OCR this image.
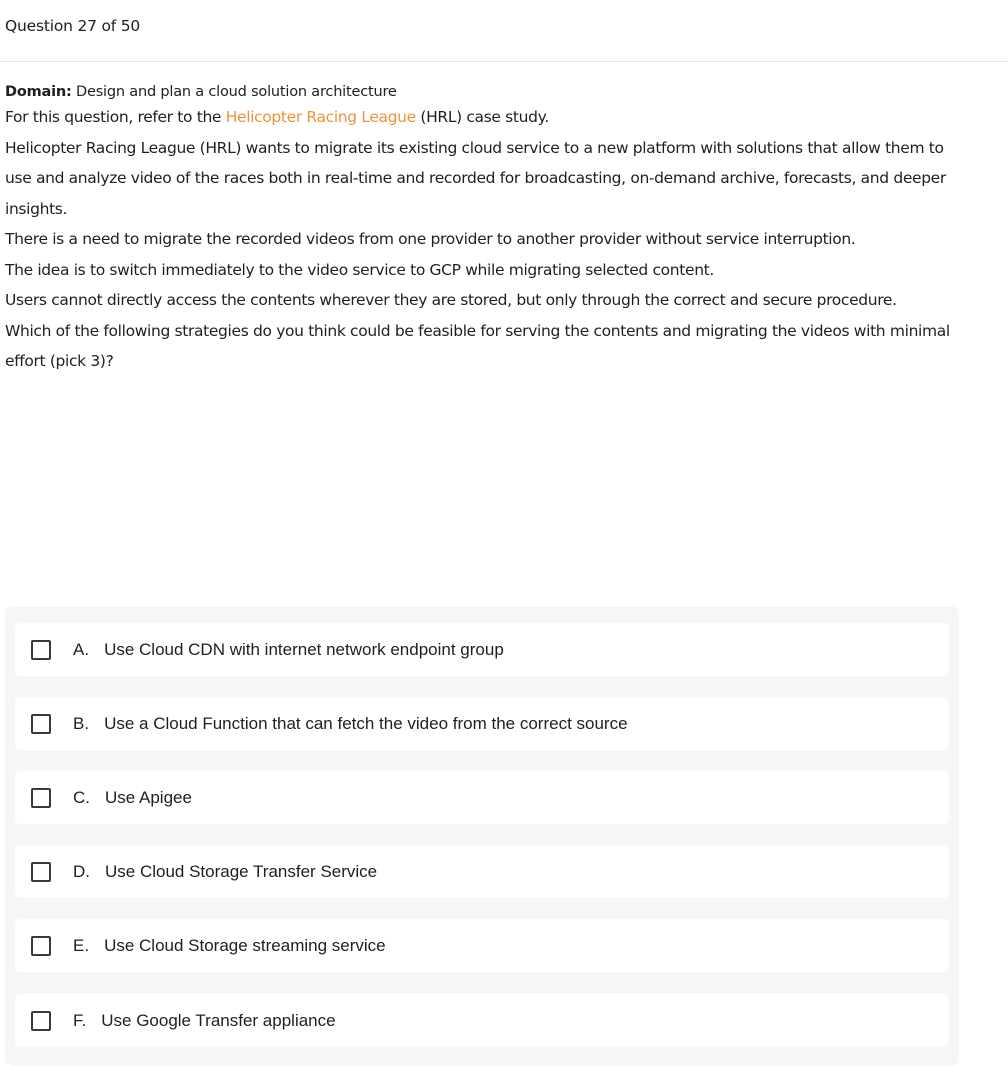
Question 27 of 50
Domain: Design and plan a cloud solution architecture

For this question, refer to the Helicopter Racing League (HRL) case study.

Helicopter Racing League (HRL) wants to migrate its existing cloud service to a new platform with solutions that allow them to use and analyze video of the races both in real-time and recorded for broadcasting, on-demand archive, forecasts, and deeper insights.

There is a need to migrate the recorded videos from one provider to another provider without service interruption.

The idea is to switch immediately to the video service to GCP while migrating selected content.

Users cannot directly access the contents wherever they are stored, but only through the correct and secure procedure.

Which of the following strategies do you think could be feasible for serving the contents and migrating the videos with minimal effort (pick 3)?

A. Use Cloud CDN with internet network endpoint group
B. Use a Cloud Function that can fetch the video from the correct source
C. Use Apigee
D. Use Cloud Storage Transfer Service
E. Use Cloud Storage streaming service
F. Use Google Transfer appliance
